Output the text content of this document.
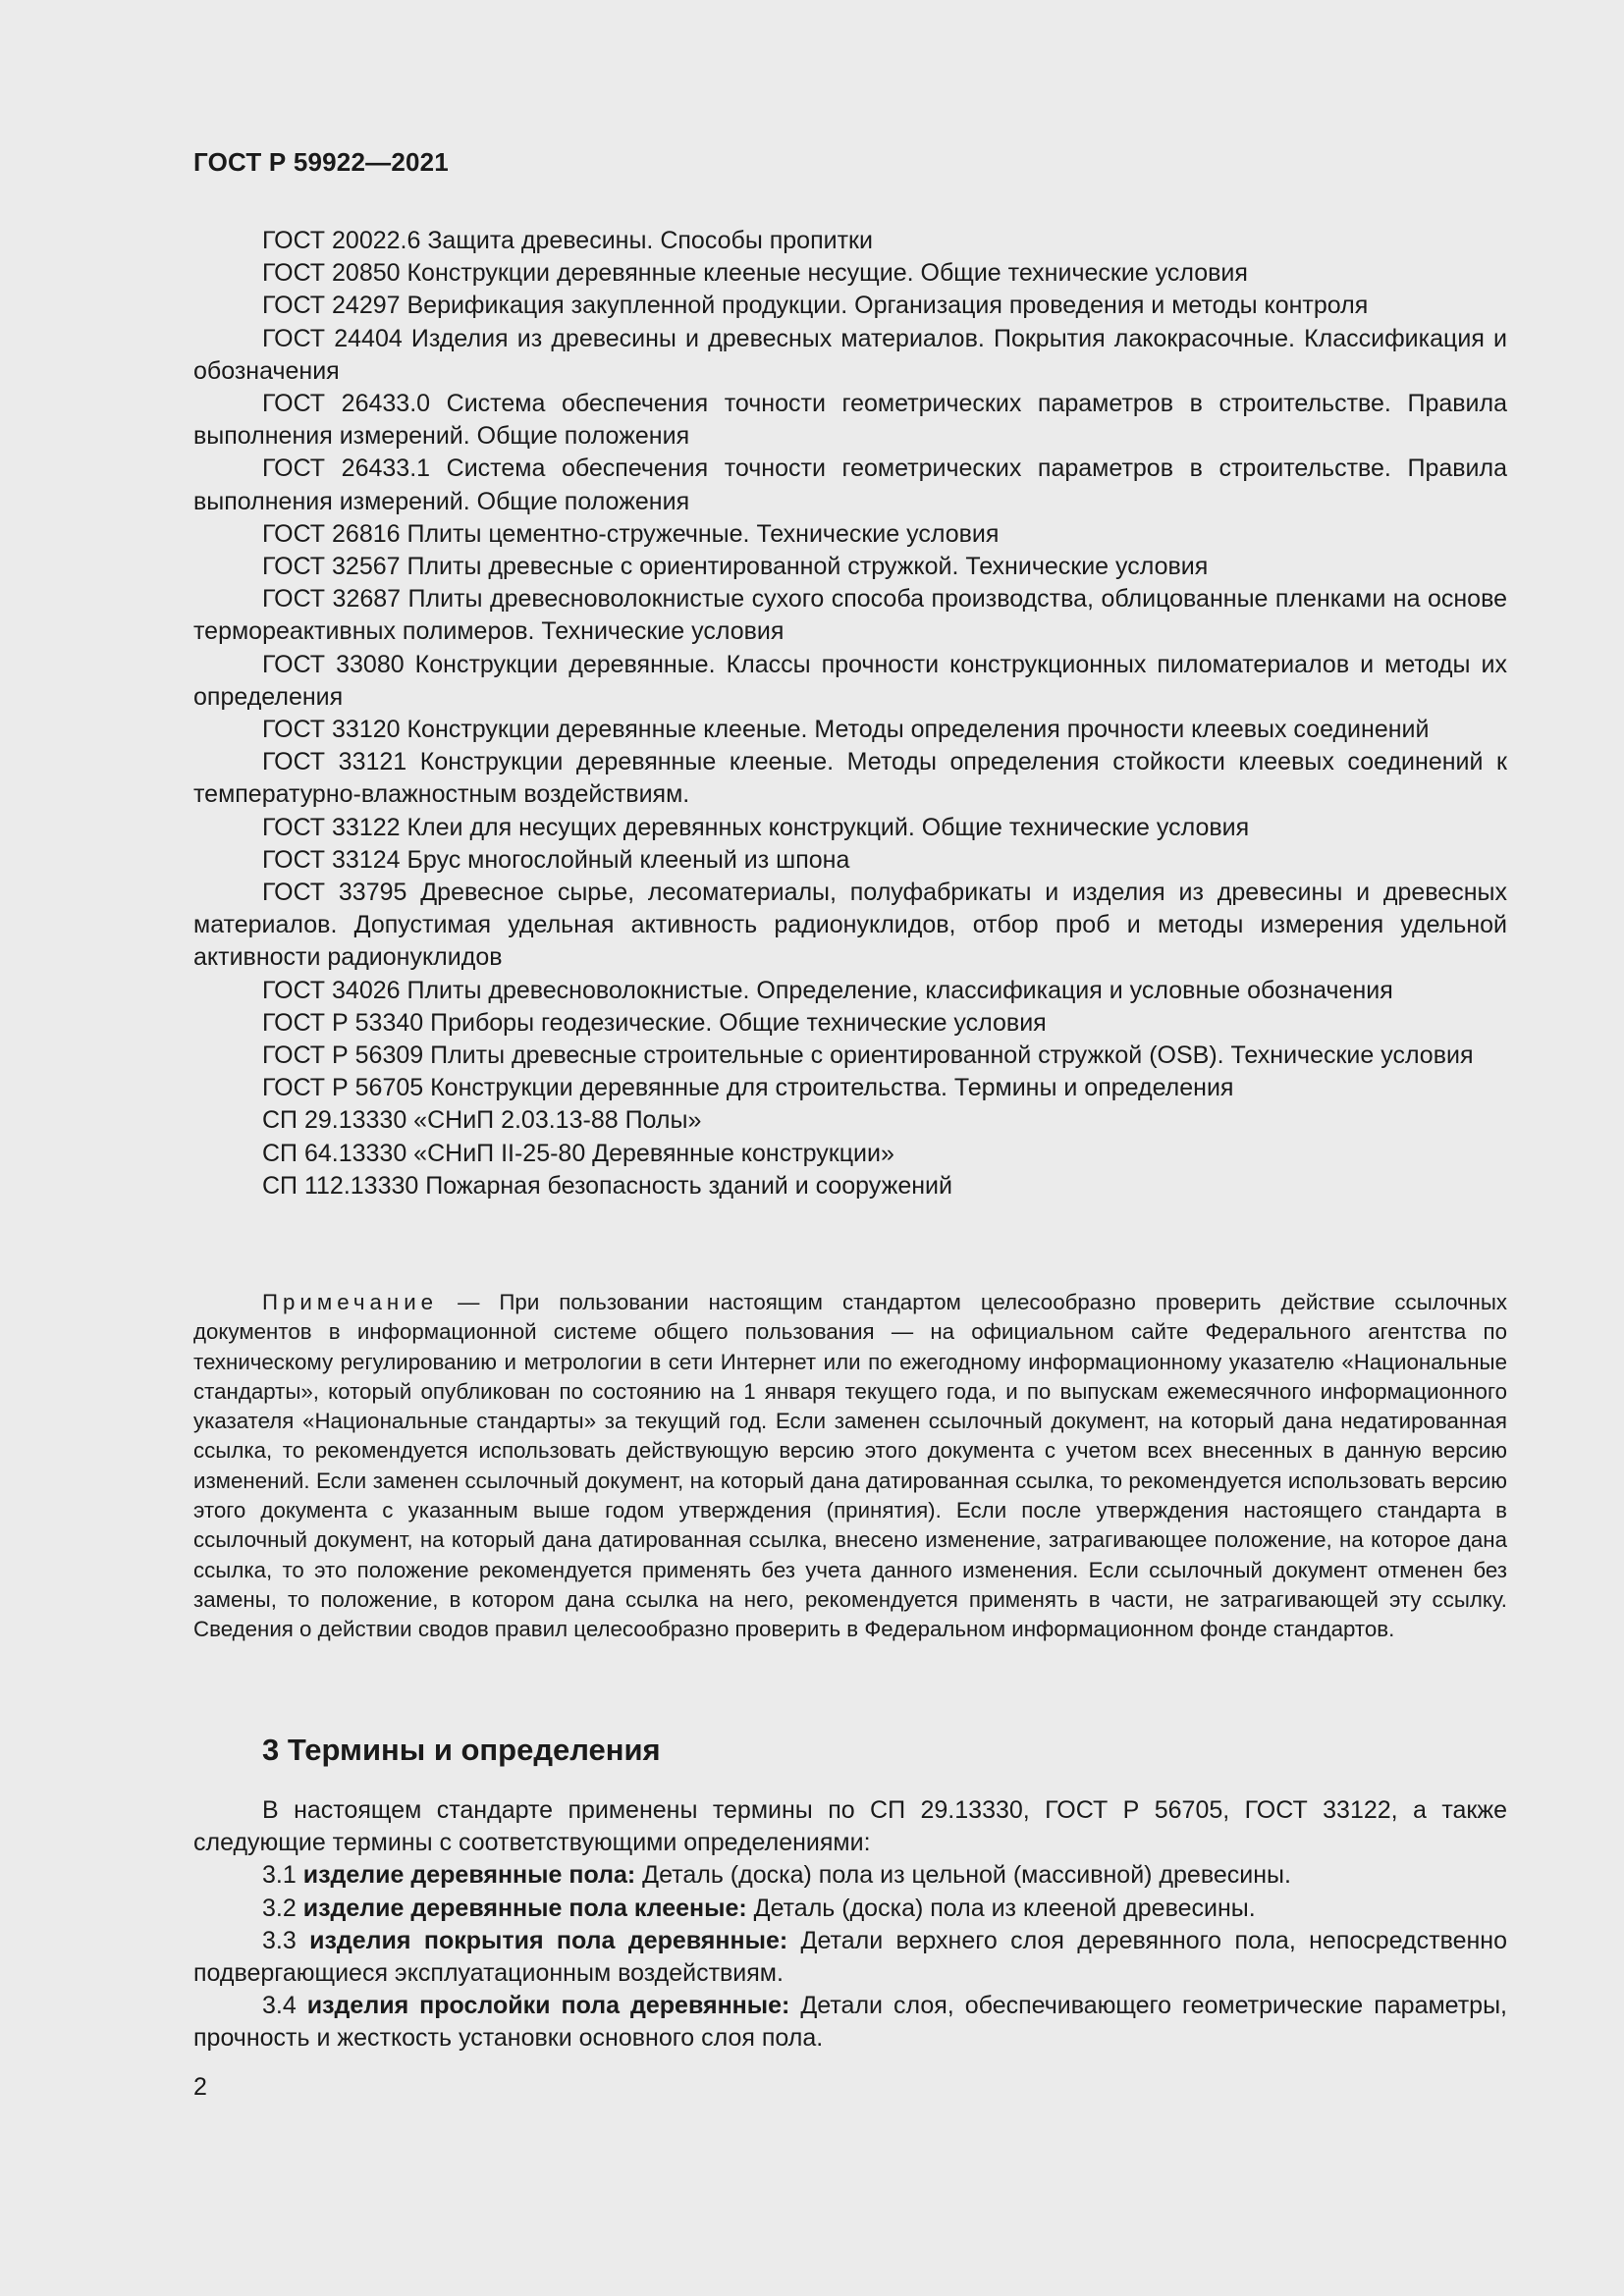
ГОСТ Р 59922—2021

ГОСТ 20022.6 Защита древесины. Способы пропитки

ГОСТ 20850 Конструкции деревянные клееные несущие. Общие технические условия

ГОСТ 24297 Верификация закупленной продукции. Организация проведения и методы контроля

ГОСТ 24404 Изделия из древесины и древесных материалов. Покрытия лакокрасочные. Классификация и обозначения

ГОСТ 26433.0 Система обеспечения точности геометрических параметров в строительстве. Правила выполнения измерений. Общие положения

ГОСТ 26433.1 Система обеспечения точности геометрических параметров в строительстве. Правила выполнения измерений. Общие положения

ГОСТ 26816 Плиты цементно-стружечные. Технические условия

ГОСТ 32567 Плиты древесные с ориентированной стружкой. Технические условия

ГОСТ 32687 Плиты древесноволокнистые сухого способа производства, облицованные пленками на основе термореактивных полимеров. Технические условия

ГОСТ 33080 Конструкции деревянные. Классы прочности конструкционных пиломатериалов и методы их определения

ГОСТ 33120 Конструкции деревянные клееные. Методы определения прочности клеевых соединений

ГОСТ 33121 Конструкции деревянные клееные. Методы определения стойкости клеевых соединений к температурно-влажностным воздействиям.

ГОСТ 33122 Клеи для несущих деревянных конструкций. Общие технические условия

ГОСТ 33124 Брус многослойный клееный из шпона

ГОСТ 33795 Древесное сырье, лесоматериалы, полуфабрикаты и изделия из древесины и древесных материалов. Допустимая удельная активность радионуклидов, отбор проб и методы измерения удельной активности радионуклидов

ГОСТ 34026 Плиты древесноволокнистые. Определение, классификация и условные обозначения

ГОСТ Р 53340 Приборы геодезические. Общие технические условия

ГОСТ Р 56309 Плиты древесные строительные с ориентированной стружкой (OSB). Технические условия

ГОСТ Р 56705 Конструкции деревянные для строительства. Термины и определения

СП 29.13330 «СНиП 2.03.13-88 Полы»

СП 64.13330 «СНиП II-25-80 Деревянные конструкции»

СП 112.13330 Пожарная безопасность зданий и сооружений

Примечание — При пользовании настоящим стандартом целесообразно проверить действие ссылочных документов в информационной системе общего пользования — на официальном сайте Федерального агентства по техническому регулированию и метрологии в сети Интернет или по ежегодному информационному указателю «Национальные стандарты», который опубликован по состоянию на 1 января текущего года, и по выпускам ежемесячного информационного указателя «Национальные стандарты» за текущий год. Если заменен ссылочный документ, на который дана недатированная ссылка, то рекомендуется использовать действующую версию этого документа с учетом всех внесенных в данную версию изменений. Если заменен ссылочный документ, на который дана датированная ссылка, то рекомендуется использовать версию этого документа с указанным выше годом утверждения (принятия). Если после утверждения настоящего стандарта в ссылочный документ, на который дана датированная ссылка, внесено изменение, затрагивающее положение, на которое дана ссылка, то это положение рекомендуется применять без учета данного изменения. Если ссылочный документ отменен без замены, то положение, в котором дана ссылка на него, рекомендуется применять в части, не затрагивающей эту ссылку. Сведения о действии сводов правил целесообразно проверить в Федеральном информационном фонде стандартов.

3 Термины и определения

В настоящем стандарте применены термины по СП 29.13330, ГОСТ Р 56705, ГОСТ 33122, а также следующие термины с соответствующими определениями:

3.1 изделие деревянные пола: Деталь (доска) пола из цельной (массивной) древесины.

3.2 изделие деревянные пола клееные: Деталь (доска) пола из клееной древесины.

3.3 изделия покрытия пола деревянные: Детали верхнего слоя деревянного пола, непосредственно подвергающиеся эксплуатационным воздействиям.

3.4 изделия прослойки пола деревянные: Детали слоя, обеспечивающего геометрические параметры, прочность и жесткость установки основного слоя пола.

2
